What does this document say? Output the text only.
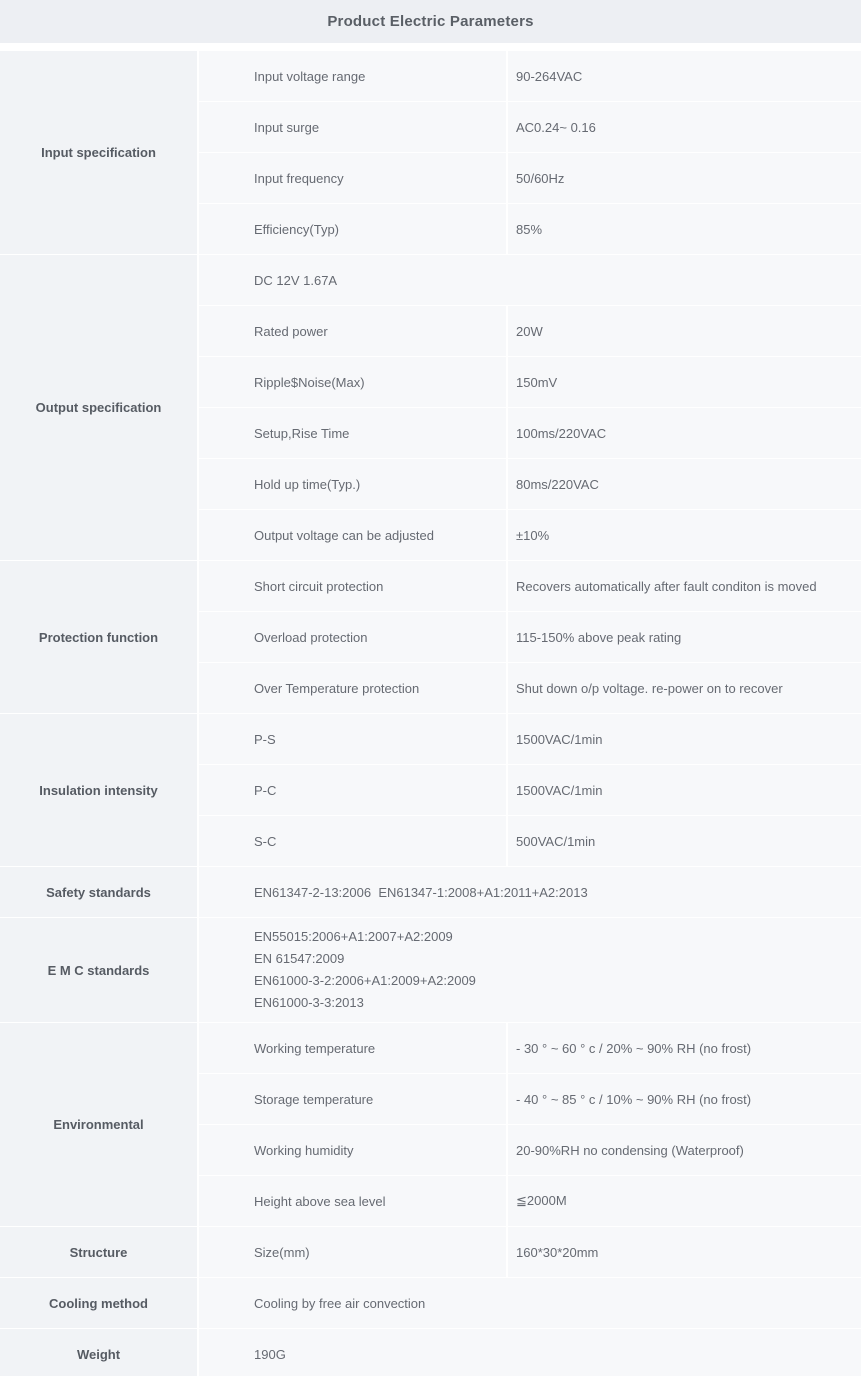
Product Electric Parameters
Input specification
Input voltage range	90-264VAC
Input surge	AC0.24~ 0.16
Input frequency	50/60Hz
Efficiency(Typ)	85%
Output specification
DC 12V 1.67A
Rated power	20W
Ripple$Noise(Max)	150mV
Setup,Rise Time	100ms/220VAC
Hold up time(Typ.)	80ms/220VAC
Output voltage can be adjusted	±10%
Protection function
Short circuit protection	Recovers automatically after fault conditon is moved
Overload protection	115-150% above peak rating
Over Temperature protection	Shut down o/p voltage. re-power on to recover
Insulation intensity
P-S	1500VAC/1min
P-C	1500VAC/1min
S-C	500VAC/1min
Safety standards	EN61347-2-13:2006  EN61347-1:2008+A1:2011+A2:2013
E M C standards
EN55015:2006+A1:2007+A2:2009
EN 61547:2009
EN61000-3-2:2006+A1:2009+A2:2009
EN61000-3-3:2013
Environmental
Working temperature	- 30 ° ~ 60 ° c / 20% ~ 90% RH (no frost)
Storage temperature	- 40 ° ~ 85 ° c / 10% ~ 90% RH (no frost)
Working humidity	20-90%RH no condensing (Waterproof)
Height above sea level	≦2000M
Structure	Size(mm)	160*30*20mm
Cooling method	Cooling by free air convection
Weight	190G
